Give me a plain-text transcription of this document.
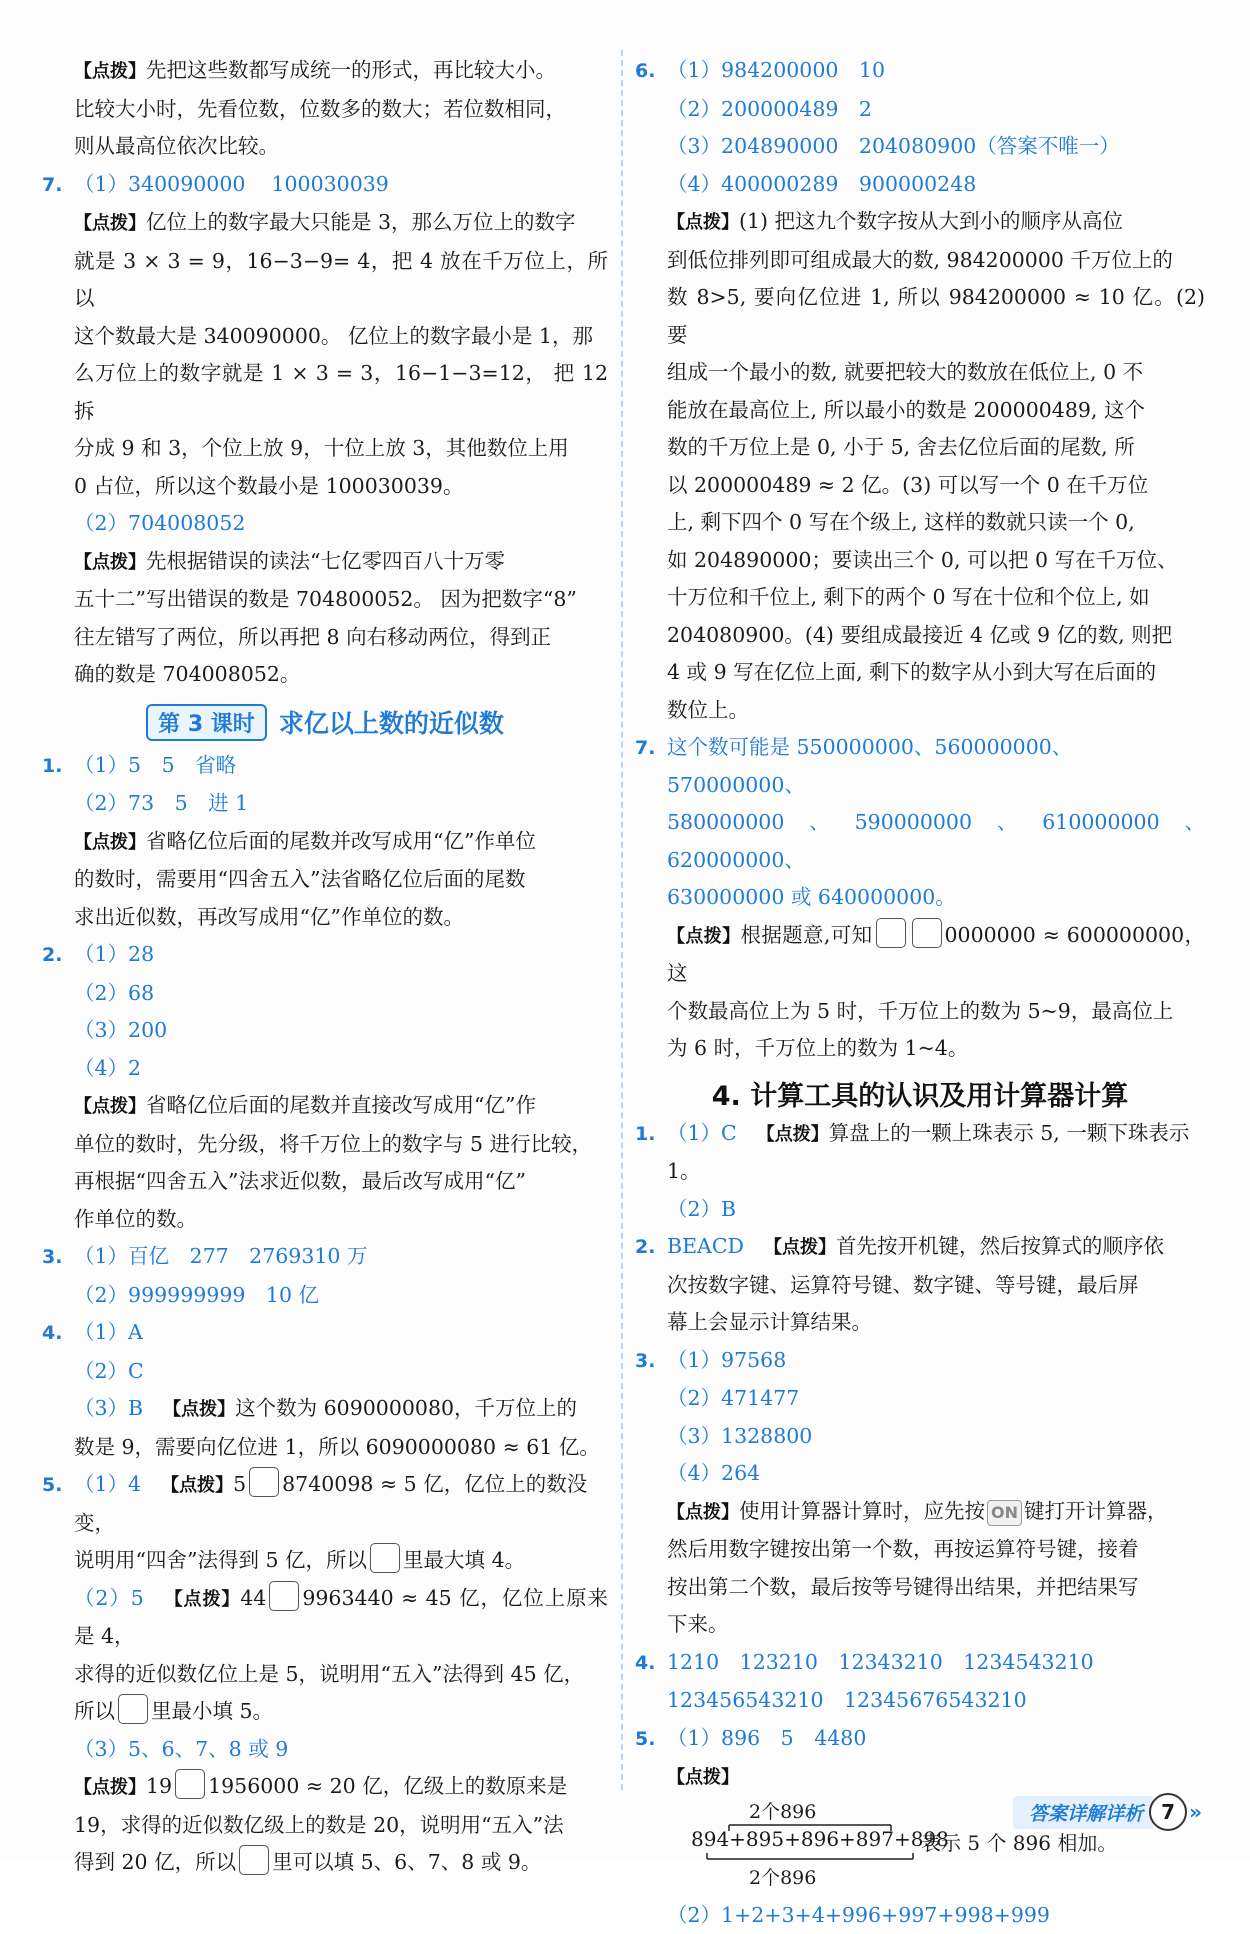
【点拨】先把这些数都写成统一的形式，再比较大小。

比较大小时，先看位数，位数多的数大；若位数相同，

则从最高位依次比较。

7. （1）340090000 100030039

【点拨】亿位上的数字最大只能是 3，那么万位上的数字

就是 3 × 3 = 9，16−3−9= 4，把 4 放在千万位上，所以

这个数最大是 340090000。 亿位上的数字最小是 1，那

么万位上的数字就是 1 × 3 = 3，16−1−3=12， 把 12 拆

分成 9 和 3，个位上放 9，十位上放 3，其他数位上用

0 占位，所以这个数最小是 100030039。

（2）704008052

【点拨】先根据错误的读法“七亿零四百八十万零

五十二”写出错误的数是 704800052。 因为把数字“8”

往左错写了两位，所以再把 8 向右移动两位，得到正

确的数是 704008052。

第 3 课时 求亿以上数的近似数
1. （1）5　5　省略

（2）73　5　进 1

【点拨】省略亿位后面的尾数并改写成用“亿”作单位

的数时，需要用“四舍五入”法省略亿位后面的尾数

求出近似数，再改写成用“亿”作单位的数。

2. （1）28

（2）68

（3）200

（4）2

【点拨】省略亿位后面的尾数并直接改写成用“亿”作

单位的数时，先分级，将千万位上的数字与 5 进行比较，

再根据“四舍五入”法求近似数，最后改写成用“亿”

作单位的数。

3. （1）百亿　277　2769310 万

（2）999999999　10 亿

4. （1）A

（2）C

（3）B 【点拨】这个数为 6090000080，千万位上的

数是 9，需要向亿位进 1，所以 6090000080 ≈ 61 亿。

5. （1）4 【点拨】5 8740098 ≈ 5 亿，亿位上的数没变，

说明用“四舍”法得到 5 亿，所以 里最大填 4。

（2）5 【点拨】44 9963440 ≈ 45 亿，亿位上原来是 4，

求得的近似数亿位上是 5，说明用“五入”法得到 45 亿，

所以 里最小填 5。

（3）5、6、7、8 或 9

【点拨】19 1956000 ≈ 20 亿，亿级上的数原来是

19，求得的近似数亿级上的数是 20，说明用“五入”法

得到 20 亿，所以 里可以填 5、6、7、8 或 9。

6. （1）984200000　10

（2）200000489　2

（3）204890000　204080900（答案不唯一）

（4）400000289　900000248

【点拨】(1) 把这九个数字按从大到小的顺序从高位

到低位排列即可组成最大的数, 984200000 千万位上的

数 8>5, 要向亿位进 1, 所以 984200000 ≈ 10 亿。(2) 要

组成一个最小的数, 就要把较大的数放在低位上, 0 不

能放在最高位上, 所以最小的数是 200000489, 这个

数的千万位上是 0, 小于 5, 舍去亿位后面的尾数, 所

以 200000489 ≈ 2 亿。(3) 可以写一个 0 在千万位

上, 剩下四个 0 写在个级上, 这样的数就只读一个 0,

如 204890000；要读出三个 0, 可以把 0 写在千万位、

十万位和千位上, 剩下的两个 0 写在十位和个位上, 如

204080900。(4) 要组成最接近 4 亿或 9 亿的数, 则把

4 或 9 写在亿位上面, 剩下的数字从小到大写在后面的

数位上。

7. 这个数可能是 550000000、560000000、570000000、

580000000、590000000、610000000、620000000、

630000000 或 640000000。

【点拨】根据题意,可知	0000000 ≈ 600000000，这

个数最高位上为 5 时，千万位上的数为 5~9，最高位上

为 6 时，千万位上的数为 1~4。

4. 计算工具的认识及用计算器计算
1. （1）C 【点拨】算盘上的一颗上珠表示 5, 一颗下珠表示 1。

（2）B

2. BEACD 【点拨】首先按开机键，然后按算式的顺序依

次按数字键、运算符号键、数字键、等号键，最后屏

幕上会显示计算结果。

3. （1）97568

（2）471477

（3）1328800

（4）264

【点拨】使用计算器计算时，应先按 ON 键打开计算器，

然后用数字键按出第一个数，再按运算符号键，接着

按出第二个数，最后按等号键得出结果，并把结果写

下来。

4. 1210　123210　12343210　1234543210

123456543210　12345676543210

5. （1）896　5　4480

【点拨】

2个896
894+895+896+897+898
表示 5 个 896 相加。
2个896

（2）1+2+3+4+996+997+998+999

答案详解详析 7 »
